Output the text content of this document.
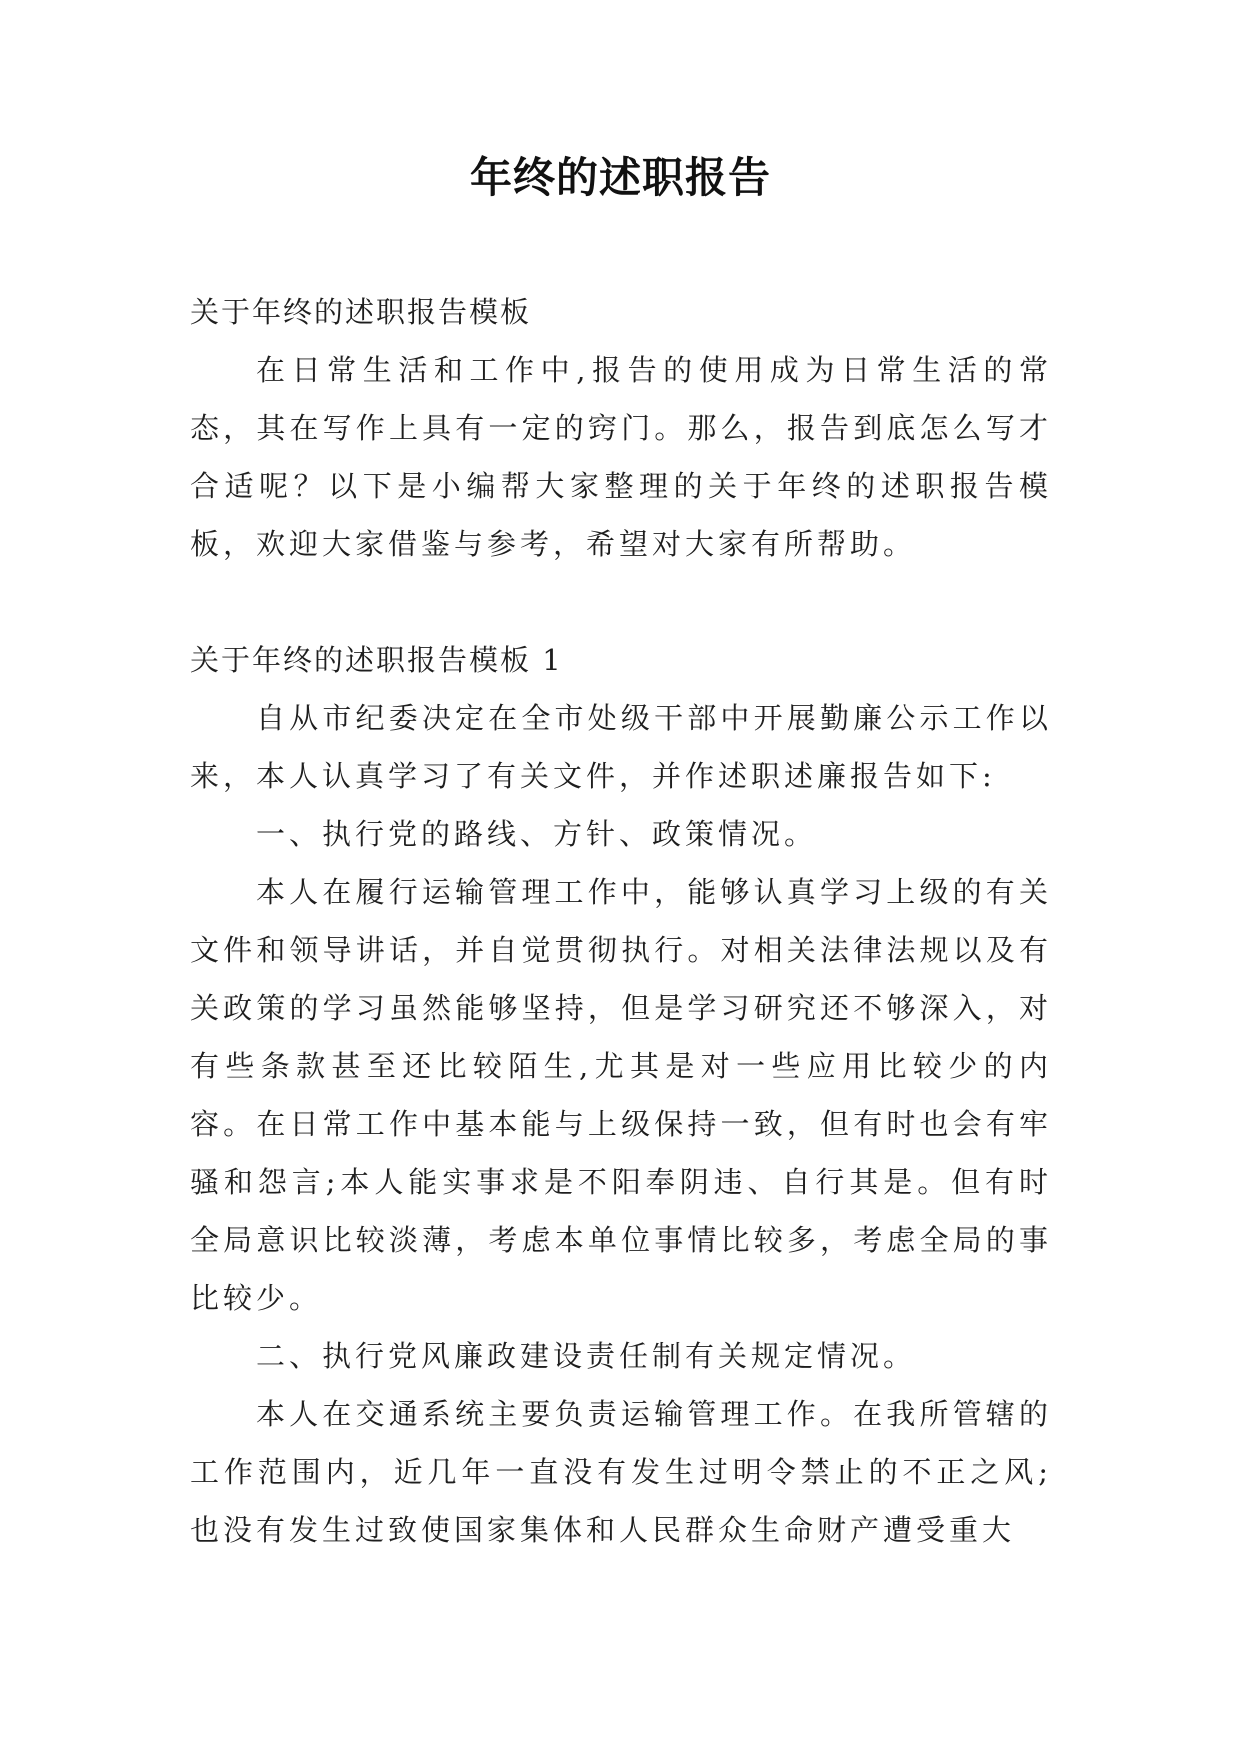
年终的述职报告

关于年终的述职报告模板

在日常生活和工作中,报告的使用成为日常生活的常态，其在写作上具有一定的窍门。那么，报告到底怎么写才合适呢？以下是小编帮大家整理的关于年终的述职报告模板，欢迎大家借鉴与参考，希望对大家有所帮助。

关于年终的述职报告模板 1

自从市纪委决定在全市处级干部中开展勤廉公示工作以来，本人认真学习了有关文件，并作述职述廉报告如下:

一、执行党的路线、方针、政策情况。

本人在履行运输管理工作中，能够认真学习上级的有关文件和领导讲话，并自觉贯彻执行。对相关法律法规以及有关政策的学习虽然能够坚持，但是学习研究还不够深入，对有些条款甚至还比较陌生,尤其是对一些应用比较少的内容。在日常工作中基本能与上级保持一致，但有时也会有牢骚和怨言;本人能实事求是不阳奉阴违、自行其是。但有时全局意识比较淡薄，考虑本单位事情比较多，考虑全局的事比较少。

二、执行党风廉政建设责任制有关规定情况。

本人在交通系统主要负责运输管理工作。在我所管辖的工作范围内，近几年一直没有发生过明令禁止的不正之风;也没有发生过致使国家集体和人民群众生命财产遭受重大
